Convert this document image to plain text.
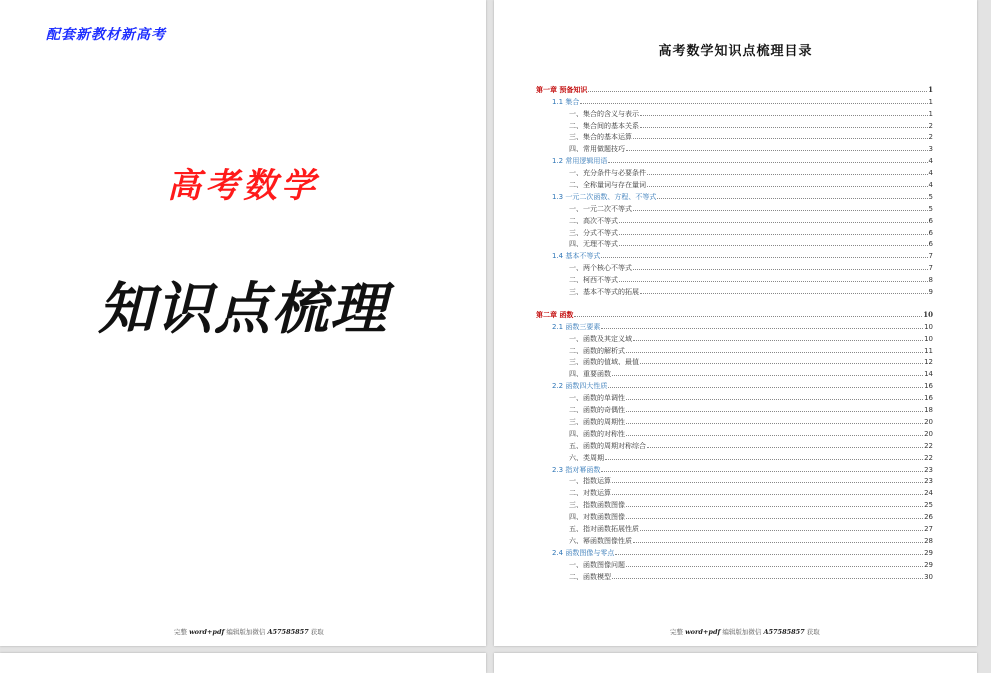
配套新教材新高考
高考数学
知识点梳理
完整 word+pdf 编辑版加微信 A57585857 获取
高考数学知识点梳理目录
第一章 预备知识	1
1.1 集合	1
一、集合的含义与表示	1
二、集合间的基本关系	2
三、集合的基本运算	2
四、常用做题技巧	3
1.2 常用逻辑用语	4
一、充分条件与必要条件	4
二、全称量词与存在量词	4
1.3 一元二次函数、方程、不等式	5
一、一元二次不等式	5
二、高次不等式	6
三、分式不等式	6
四、无理不等式	6
1.4 基本不等式	7
一、两个核心不等式	7
二、柯西不等式	8
三、基本不等式的拓展	9
第二章 函数	10
2.1 函数三要素	10
一、函数及其定义域	10
二、函数的解析式	11
三、函数的值域、最值	12
四、重要函数	14
2.2 函数四大性质	16
一、函数的单调性	16
二、函数的奇偶性	18
三、函数的周期性	20
四、函数的对称性	20
五、函数的周期对称综合	22
六、类周期	22
2.3 指对幂函数	23
一、指数运算	23
二、对数运算	24
三、指数函数图像	25
四、对数函数图像	26
五、指对函数拓展性质	27
六、幂函数图像性质	28
2.4 函数图像与零点	29
一、函数图像问题	29
二、函数模型	30
完整 word+pdf 编辑版加微信 A57585857 获取
